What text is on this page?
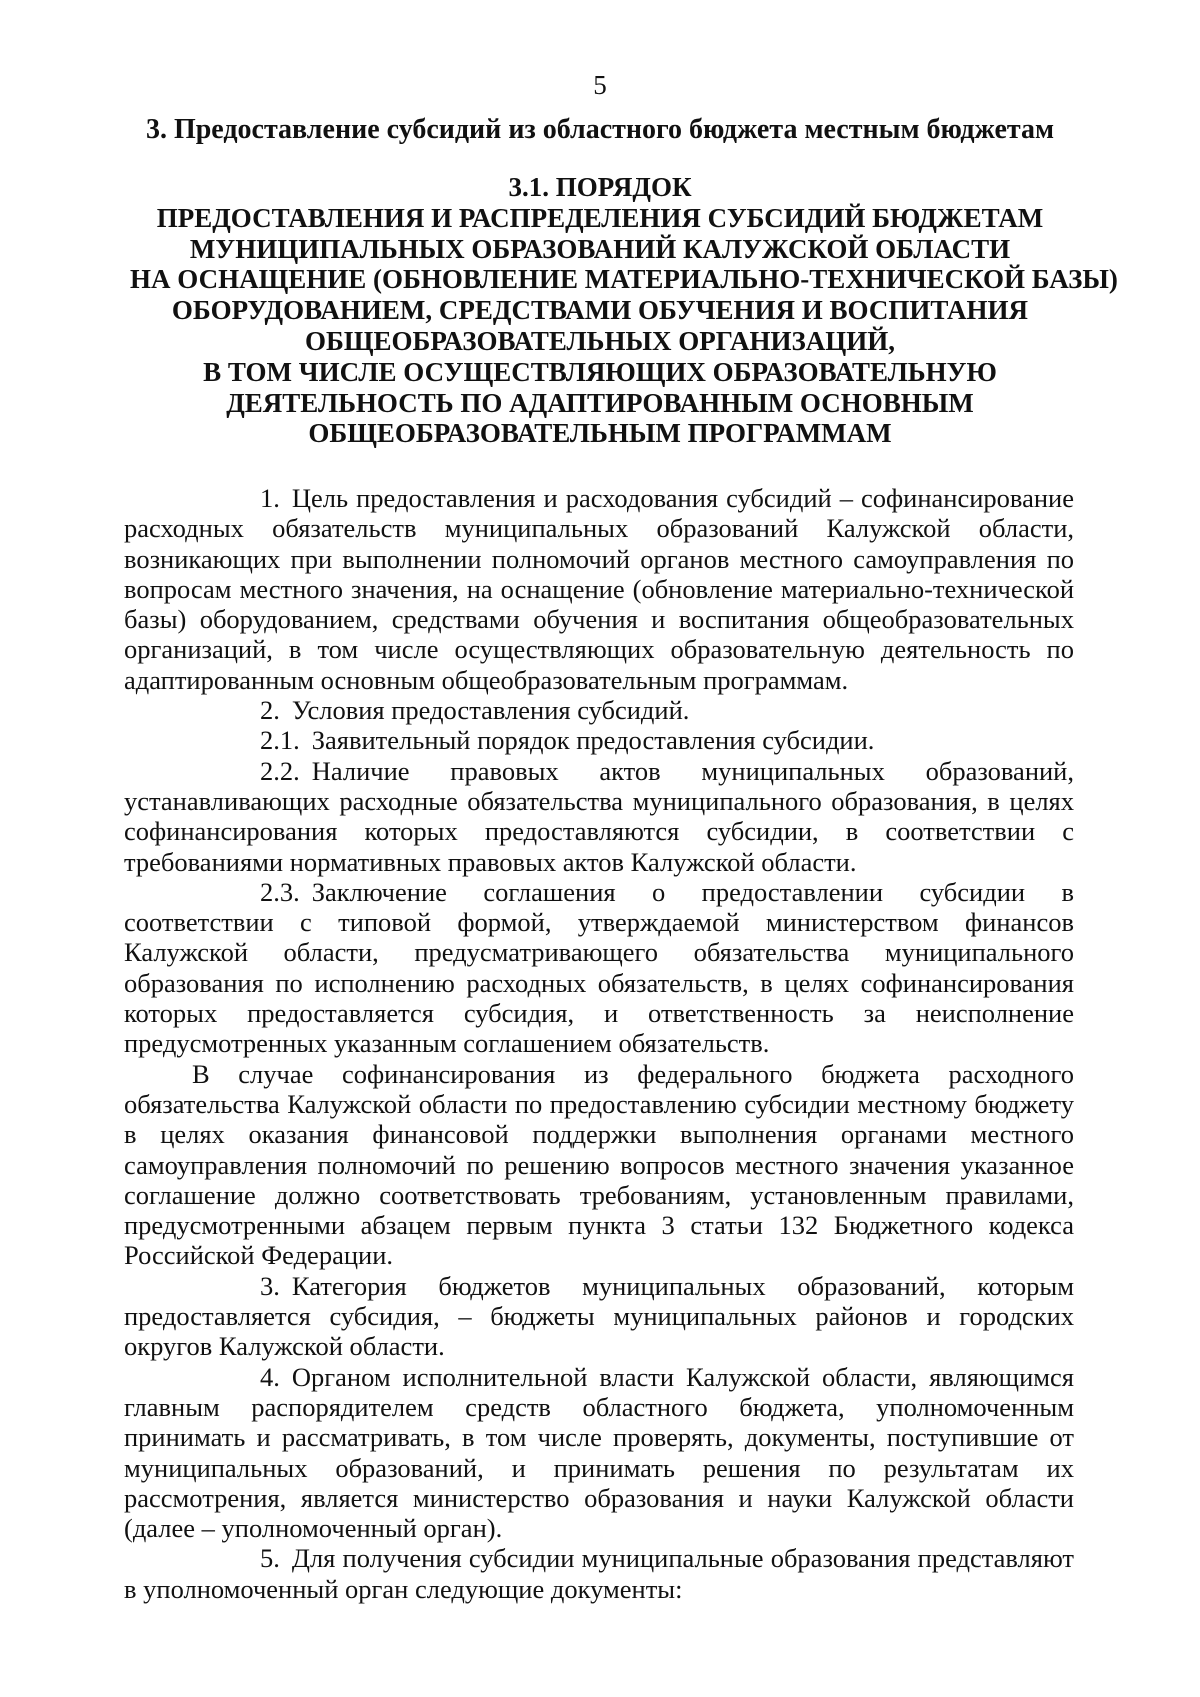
5
3. Предоставление субсидий из областного бюджета местным бюджетам
3.1. ПОРЯДОК
ПРЕДОСТАВЛЕНИЯ И РАСПРЕДЕЛЕНИЯ СУБСИДИЙ БЮДЖЕТАМ
МУНИЦИПАЛЬНЫХ ОБРАЗОВАНИЙ КАЛУЖСКОЙ ОБЛАСТИ
НА ОСНАЩЕНИЕ (ОБНОВЛЕНИЕ МАТЕРИАЛЬНО-ТЕХНИЧЕСКОЙ БАЗЫ)
ОБОРУДОВАНИЕМ, СРЕДСТВАМИ ОБУЧЕНИЯ И ВОСПИТАНИЯ
ОБЩЕОБРАЗОВАТЕЛЬНЫХ ОРГАНИЗАЦИЙ,
В ТОМ ЧИСЛЕ ОСУЩЕСТВЛЯЮЩИХ ОБРАЗОВАТЕЛЬНУЮ
ДЕЯТЕЛЬНОСТЬ ПО АДАПТИРОВАННЫМ ОСНОВНЫМ
ОБЩЕОБРАЗОВАТЕЛЬНЫМ ПРОГРАММАМ

1. Цель предоставления и расходования субсидий – софинансирование расходных обязательств муниципальных образований Калужской области, возникающих при выполнении полномочий органов местного самоуправления по вопросам местного значения, на оснащение (обновление материально-технической базы) оборудованием, средствами обучения и воспитания общеобразовательных организаций, в том числе осуществляющих образовательную деятельность по адаптированным основным общеобразовательным программам.

2. Условия предоставления субсидий.

2.1. Заявительный порядок предоставления субсидии.

2.2. Наличие правовых актов муниципальных образований, устанавливающих расходные обязательства муниципального образования, в целях софинансирования которых предоставляются субсидии, в соответствии с требованиями нормативных правовых актов Калужской области.

2.3. Заключение соглашения о предоставлении субсидии в соответствии с типовой формой, утверждаемой министерством финансов Калужской области, предусматривающего обязательства муниципального образования по исполнению расходных обязательств, в целях софинансирования которых предоставляется субсидия, и ответственность за неисполнение предусмотренных указанным соглашением обязательств.

В случае софинансирования из федерального бюджета расходного обязательства Калужской области по предоставлению субсидии местному бюджету в целях оказания финансовой поддержки выполнения органами местного самоуправления полномочий по решению вопросов местного значения указанное соглашение должно соответствовать требованиям, установленным правилами, предусмотренными абзацем первым пункта 3 статьи 132 Бюджетного кодекса Российской Федерации.

3. Категория бюджетов муниципальных образований, которым предоставляется субсидия, – бюджеты муниципальных районов и городских округов Калужской области.

4. Органом исполнительной власти Калужской области, являющимся главным распорядителем средств областного бюджета, уполномоченным принимать и рассматривать, в том числе проверять, документы, поступившие от муниципальных образований, и принимать решения по результатам их рассмотрения, является министерство образования и науки Калужской области (далее – уполномоченный орган).

5. Для получения субсидии муниципальные образования представляют в уполномоченный орган следующие документы:
